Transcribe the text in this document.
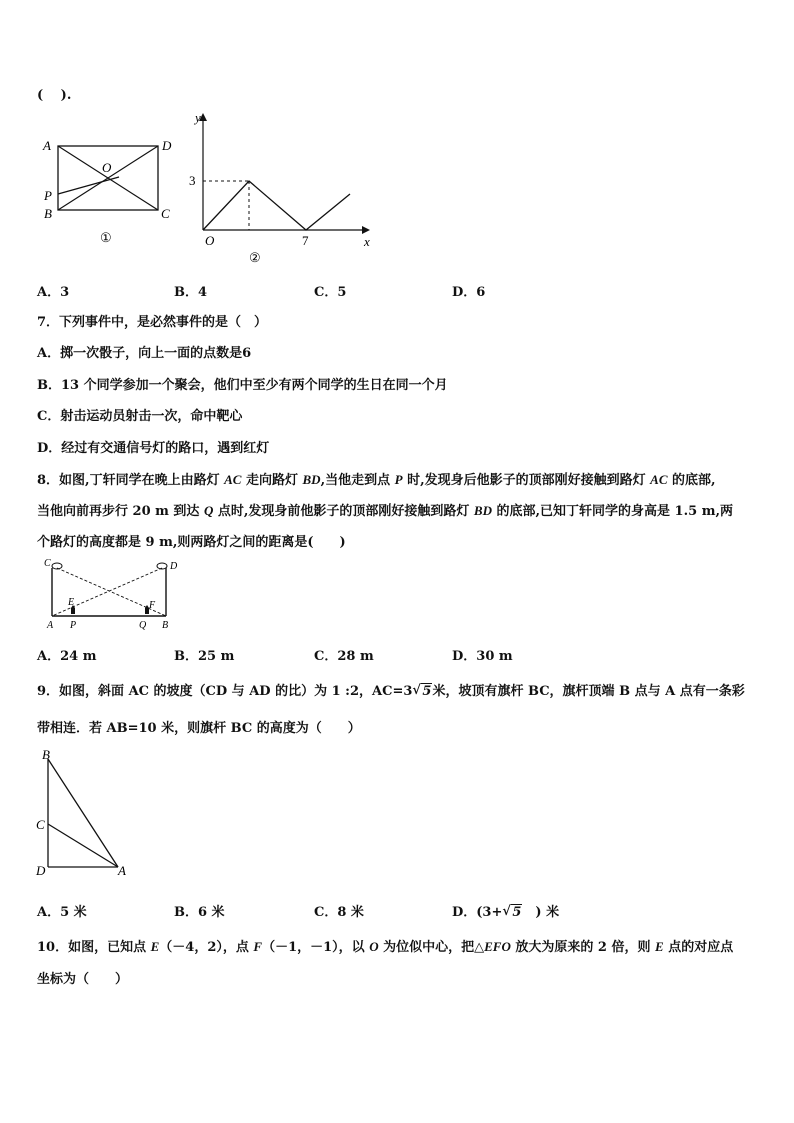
(　 ).
A	D
O
P
B	C
①
y
x
O
3
7
②
A．3	B．4	C．5	D．6
7．下列事件中，是必然事件的是（　）
A．掷一次骰子，向上一面的点数是6
B．13 个同学参加一个聚会，他们中至少有两个同学的生日在同一个月
C．射击运动员射击一次，命中靶心
D．经过有交通信号灯的路口，遇到红灯
8．如图,丁轩同学在晚上由路灯 AC 走向路灯 BD,当他走到点 P 时,发现身后他影子的顶部刚好接触到路灯 AC 的底部,
当他向前再步行 20 m 到达 Q 点时,发现身前他影子的顶部刚好接触到路灯 BD 的底部,已知丁轩同学的身高是 1.5 m,两
个路灯的高度都是 9 m,则两路灯之间的距离是(　　)
C	D
E	F
A P	Q B
A．24 m	B．25 m	C．28 m	D．30 m
9．如图，斜面 AC 的坡度（CD 与 AD 的比）为 1 :2，AC=3 √ 5米，坡顶有旗杆 BC，旗杆顶端 B 点与 A 点有一条彩
带相连．若 AB=10 米，则旗杆 BC 的高度为（　　）
B
C
D	A
A．5 米	B．6 米	C．8 米	D．(3+ √ 5　) 米
10．如图，已知点 E（－4，2），点 F（－1，－1），以 O 为位似中心，把△EFO 放大为原来的 2 倍，则 E 点的对应点
坐标为（　　）
